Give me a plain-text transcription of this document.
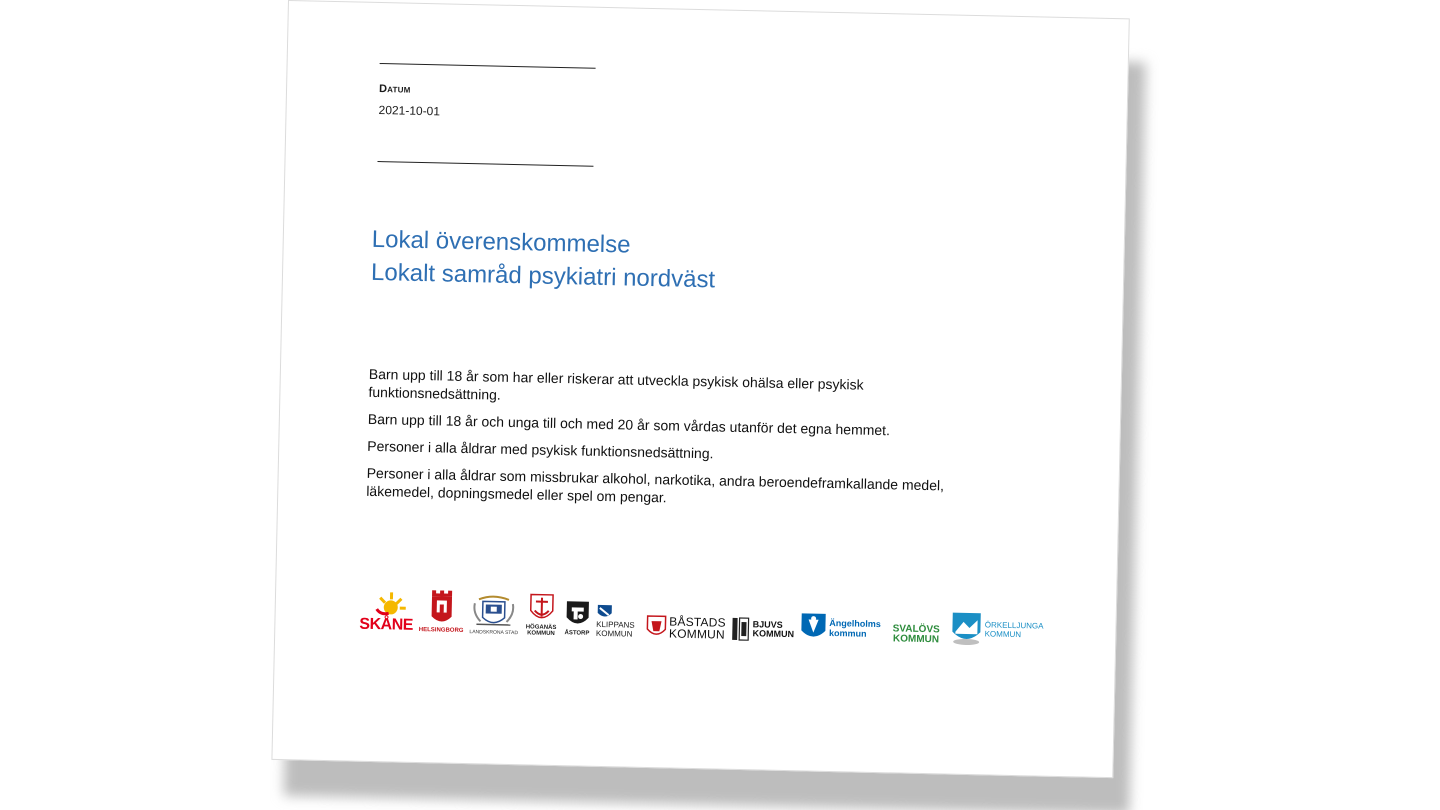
Datum
2021-10-01
Lokal överenskommelse
Lokalt samråd psykiatri nordväst

Barn upp till 18 år som har eller riskerar att utveckla psykisk ohälsa eller psykisk funktionsnedsättning.

Barn upp till 18 år och unga till och med 20 år som vårdas utanför det egna hemmet.

Personer i alla åldrar med psykisk funktionsnedsättning.

Personer i alla åldrar som missbrukar alkohol, narkotika, andra beroendeframkallande medel, läkemedel, dopningsmedel eller spel om pengar.

SKÅNE HELSINGBORG LANDSKRONA STAD
HÖGANÄS KOMMUN	ÅSTORP
KLIPPANS KOMMUN
BÅSTADS
KOMMUN
BJUVS
KOMMUN
Ängelholms
kommun	SVALÖVS
KOMMUN
ÖRKELLJUNGA
KOMMUN
